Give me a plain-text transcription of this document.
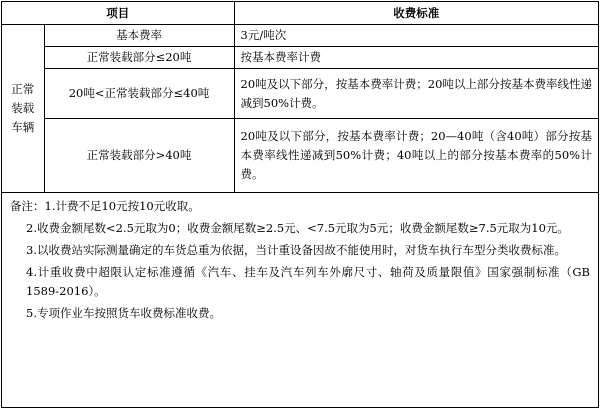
项目		收费标准
正常装载车辆	基本费率	3元/吨次
	正常装载部分≤20吨	按基本费率计费
	20吨<正常装载部分≤40吨	20吨及以下部分，按基本费率计费；20吨以上部分按基本费率线性递减到50%计费。
	正常装载部分>40吨	20吨及以下部分，按基本费率计费；20—40吨（含40吨）部分按基本费率线性递减到50%计费；40吨以上的部分按基本费率的50%计费。

备注：1.计费不足10元按10元收取。

2.收费金额尾数<2.5元取为0；收费金额尾数≥2.5元、<7.5元取为5元；收费金额尾数≥7.5元取为10元。

3.以收费站实际测量确定的车货总重为依据，当计重设备因故不能使用时，对货车执行车型分类收费标准。

4.计重收费中超限认定标准遵循《汽车、挂车及汽车列车外廓尺寸、轴荷及质量限值》国家强制标准（GB 1589-2016）。

5.专项作业车按照货车收费标准收费。
